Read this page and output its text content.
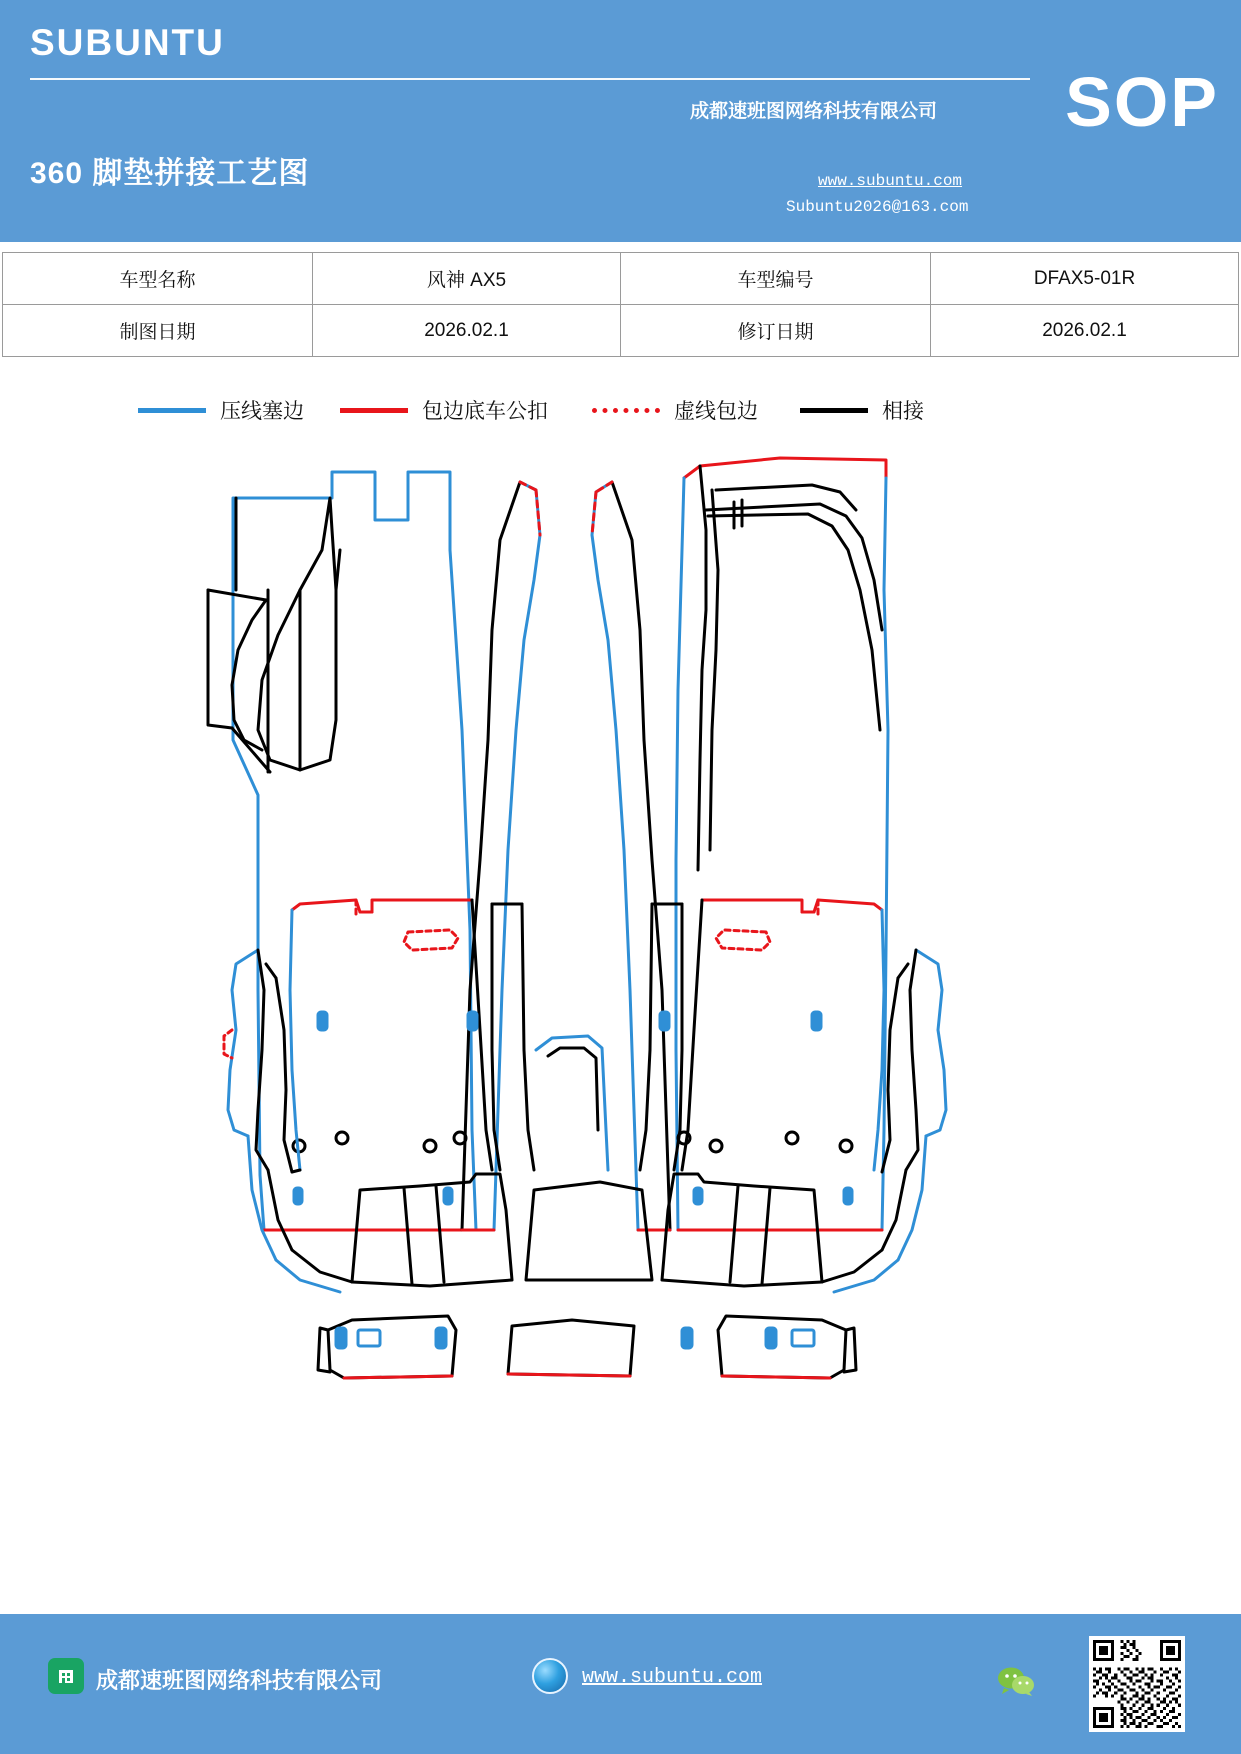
SUBUNTU
360 脚垫拼接工艺图
成都速班图网络科技有限公司 SOP
www.subuntu.com
Subuntu2026@163.com
车型名称	风神 AX5	车型编号	DFAX5-01R
制图日期	2026.02.1	修订日期	2026.02.1
压线塞边	包边底车公扣	虚线包边	相接
成都速班图网络科技有限公司	www.subuntu.com
